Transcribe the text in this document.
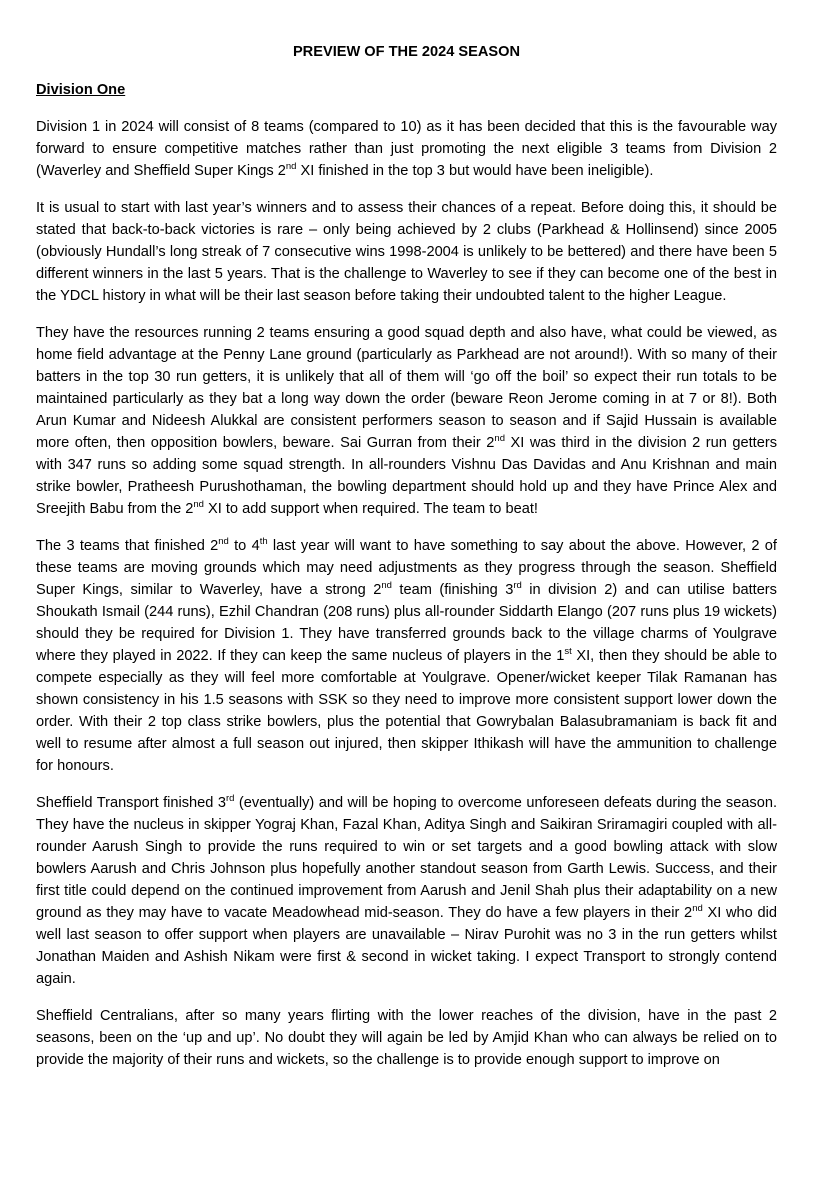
PREVIEW OF THE 2024 SEASON
Division One

Division 1 in 2024 will consist of 8 teams (compared to 10) as it has been decided that this is the favourable way forward to ensure competitive matches rather than just promoting the next eligible 3 teams from Division 2 (Waverley and Sheffield Super Kings 2nd XI finished in the top 3 but would have been ineligible).

It is usual to start with last year’s winners and to assess their chances of a repeat. Before doing this, it should be stated that back-to-back victories is rare – only being achieved by 2 clubs (Parkhead & Hollinsend) since 2005 (obviously Hundall’s long streak of 7 consecutive wins 1998-2004 is unlikely to be bettered) and there have been 5 different winners in the last 5 years. That is the challenge to Waverley to see if they can become one of the best in the YDCL history in what will be their last season before taking their undoubted talent to the higher League.

They have the resources running 2 teams ensuring a good squad depth and also have, what could be viewed, as home field advantage at the Penny Lane ground (particularly as Parkhead are not around!). With so many of their batters in the top 30 run getters, it is unlikely that all of them will ‘go off the boil’ so expect their run totals to be maintained particularly as they bat a long way down the order (beware Reon Jerome coming in at 7 or 8!). Both Arun Kumar and Nideesh Alukkal are consistent performers season to season and if Sajid Hussain is available more often, then opposition bowlers, beware. Sai Gurran from their 2nd XI was third in the division 2 run getters with 347 runs so adding some squad strength. In all-rounders Vishnu Das Davidas and Anu Krishnan and main strike bowler, Pratheesh Purushothaman, the bowling department should hold up and they have Prince Alex and Sreejith Babu from the 2nd XI to add support when required. The team to beat!

The 3 teams that finished 2nd to 4th last year will want to have something to say about the above. However, 2 of these teams are moving grounds which may need adjustments as they progress through the season. Sheffield Super Kings, similar to Waverley, have a strong 2nd team (finishing 3rd in division 2) and can utilise batters Shoukath Ismail (244 runs), Ezhil Chandran (208 runs) plus all-rounder Siddarth Elango (207 runs plus 19 wickets) should they be required for Division 1. They have transferred grounds back to the village charms of Youlgrave where they played in 2022. If they can keep the same nucleus of players in the 1st XI, then they should be able to compete especially as they will feel more comfortable at Youlgrave. Opener/wicket keeper Tilak Ramanan has shown consistency in his 1.5 seasons with SSK so they need to improve more consistent support lower down the order. With their 2 top class strike bowlers, plus the potential that Gowrybalan Balasubramaniam is back fit and well to resume after almost a full season out injured, then skipper Ithikash will have the ammunition to challenge for honours.

Sheffield Transport finished 3rd (eventually) and will be hoping to overcome unforeseen defeats during the season. They have the nucleus in skipper Yograj Khan, Fazal Khan, Aditya Singh and Saikiran Sriramagiri coupled with all-rounder Aarush Singh to provide the runs required to win or set targets and a good bowling attack with slow bowlers Aarush and Chris Johnson plus hopefully another standout season from Garth Lewis. Success, and their first title could depend on the continued improvement from Aarush and Jenil Shah plus their adaptability on a new ground as they may have to vacate Meadowhead mid-season. They do have a few players in their 2nd XI who did well last season to offer support when players are unavailable – Nirav Purohit was no 3 in the run getters whilst Jonathan Maiden and Ashish Nikam were first & second in wicket taking. I expect Transport to strongly contend again.

Sheffield Centralians, after so many years flirting with the lower reaches of the division, have in the past 2 seasons, been on the ‘up and up’. No doubt they will again be led by Amjid Khan who can always be relied on to provide the majority of their runs and wickets, so the challenge is to provide enough support to improve on
